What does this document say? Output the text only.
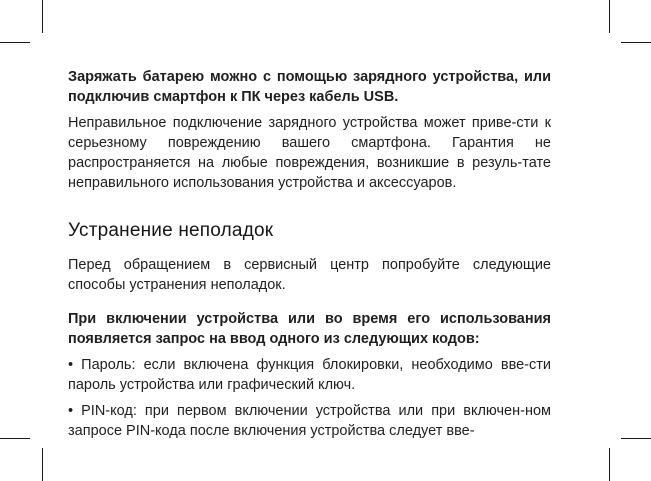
Заряжать батарею можно с помощью зарядного устройства, или подключив смартфон к ПК через кабель USB.

Неправильное подключение зарядного устройства может приве-сти к серьезному повреждению вашего смартфона. Гарантия не распространяется на любые повреждения, возникшие в резуль-тате неправильного использования устройства и аксессуаров.

Устранение неполадок

Перед обращением в сервисный центр попробуйте следующие способы устранения неполадок.

При включении устройства или во время его использования появляется запрос на ввод одного из следующих кодов:

• Пароль: если включена функция блокировки, необходимо вве-сти пароль устройства или графический ключ.

• PIN-код: при первом включении устройства или при включен-ном запросе PIN-кода после включения устройства следует вве-
